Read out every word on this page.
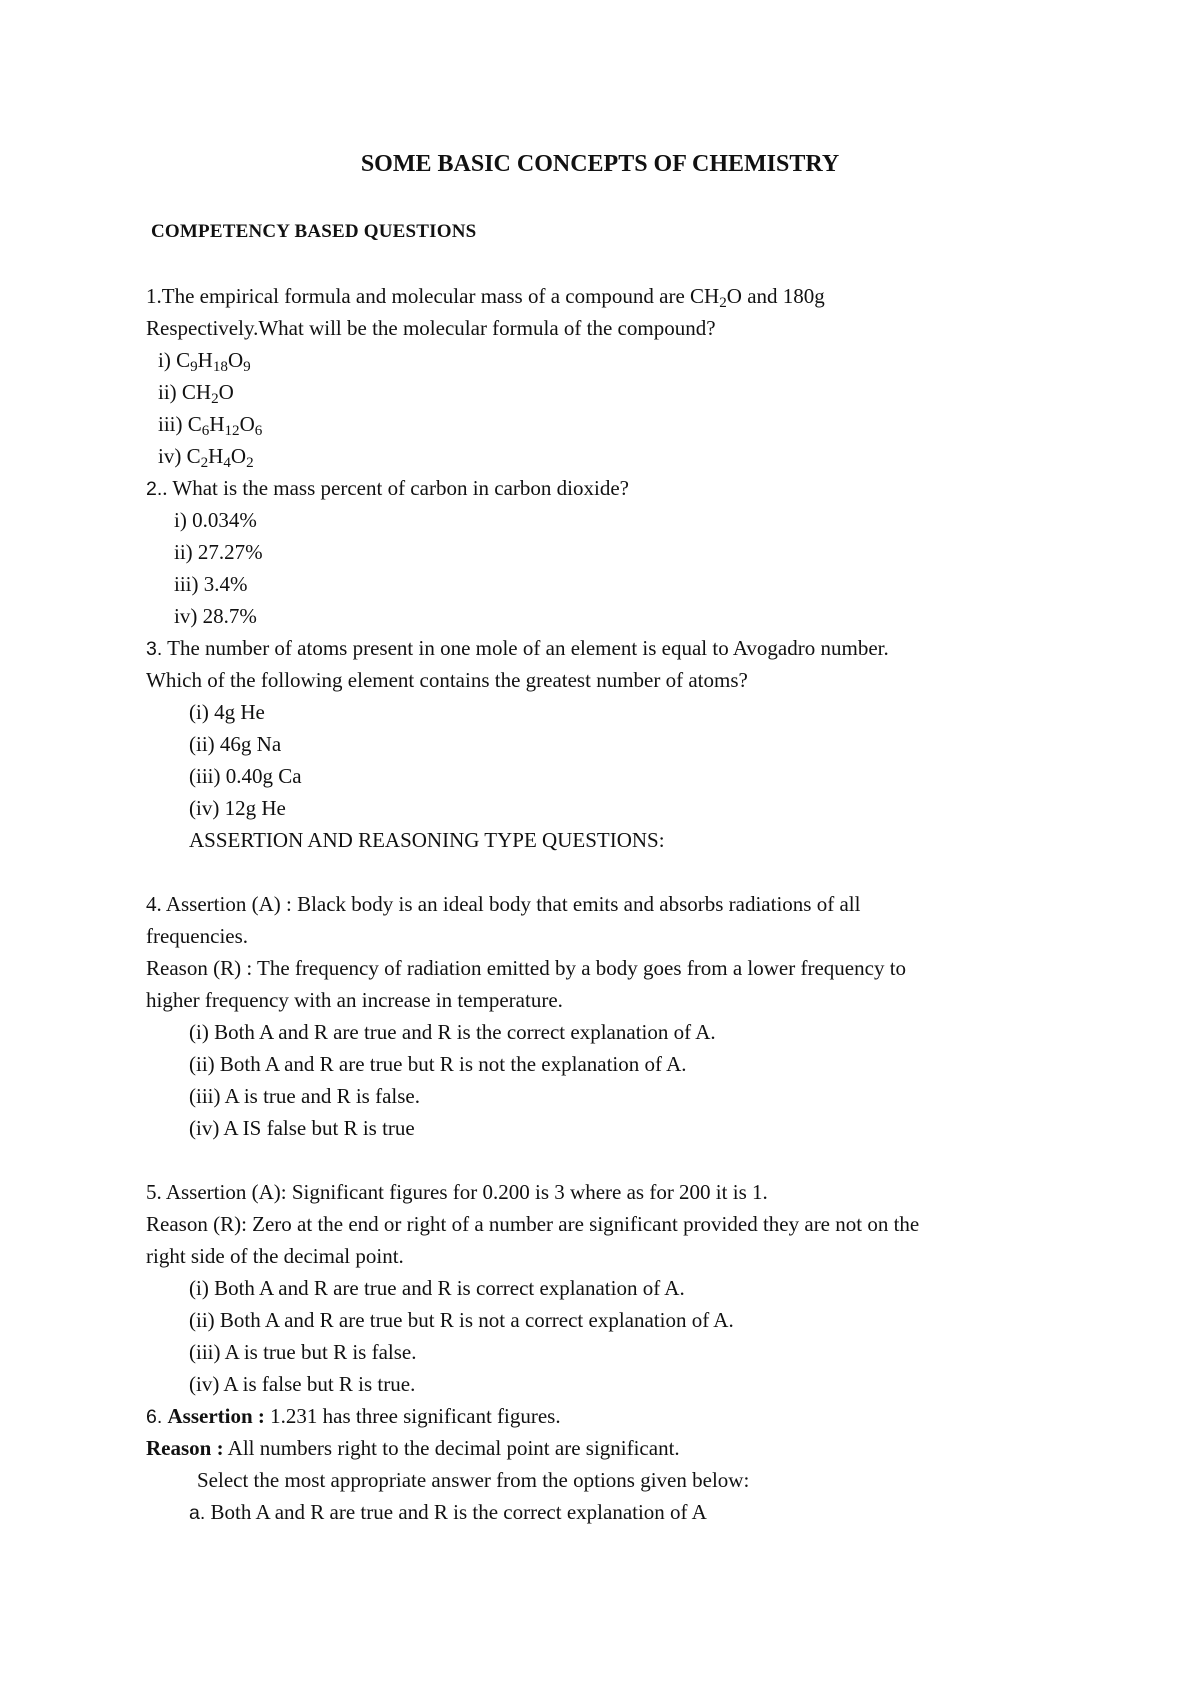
SOME BASIC CONCEPTS OF CHEMISTRY
COMPETENCY BASED QUESTIONS
1.The empirical formula and molecular mass of a compound are $CH_2O$ and 180g
Respectively.What will be the molecular formula of the compound?
i) $C_9H_{18}O_9$
ii) $CH_2O$
iii) $C_6H_{12}O_6$
iv) $C_2H_4O_2$
2.. What is the mass percent of carbon in carbon dioxide?
i) 0.034%
ii) 27.27%
iii) 3.4%
iv) 28.7%
3. The number of atoms present in one mole of an element is equal to Avogadro number.
Which of the following element contains the greatest number of atoms?
(i) 4g He
(ii) 46g Na
(iii) 0.40g Ca
(iv) 12g He
ASSERTION AND REASONING TYPE QUESTIONS:
4. Assertion (A) : Black body is an ideal body that emits and absorbs radiations of all
frequencies.
Reason (R) : The frequency of radiation emitted by a body goes from a lower frequency to
higher frequency with an increase in temperature.
(i) Both A and R are true and R is the correct explanation of A.
(ii) Both A and R are true but R is not the explanation of A.
(iii) A is true and R is false.
(iv) A IS false but R is true
5. Assertion (A): Significant figures for 0.200 is 3 where as for 200 it is 1.
Reason (R): Zero at the end or right of a number are significant provided they are not on the
right side of the decimal point.
(i) Both A and R are true and R is correct explanation of A.
(ii) Both A and R are true but R is not a correct explanation of A.
(iii) A is true but R is false.
(iv) A is false but R is true.
6. Assertion : 1.231 has three significant figures.
Reason : All numbers right to the decimal point are significant.
Select the most appropriate answer from the options given below:
a. Both A and R are true and R is the correct explanation of A
